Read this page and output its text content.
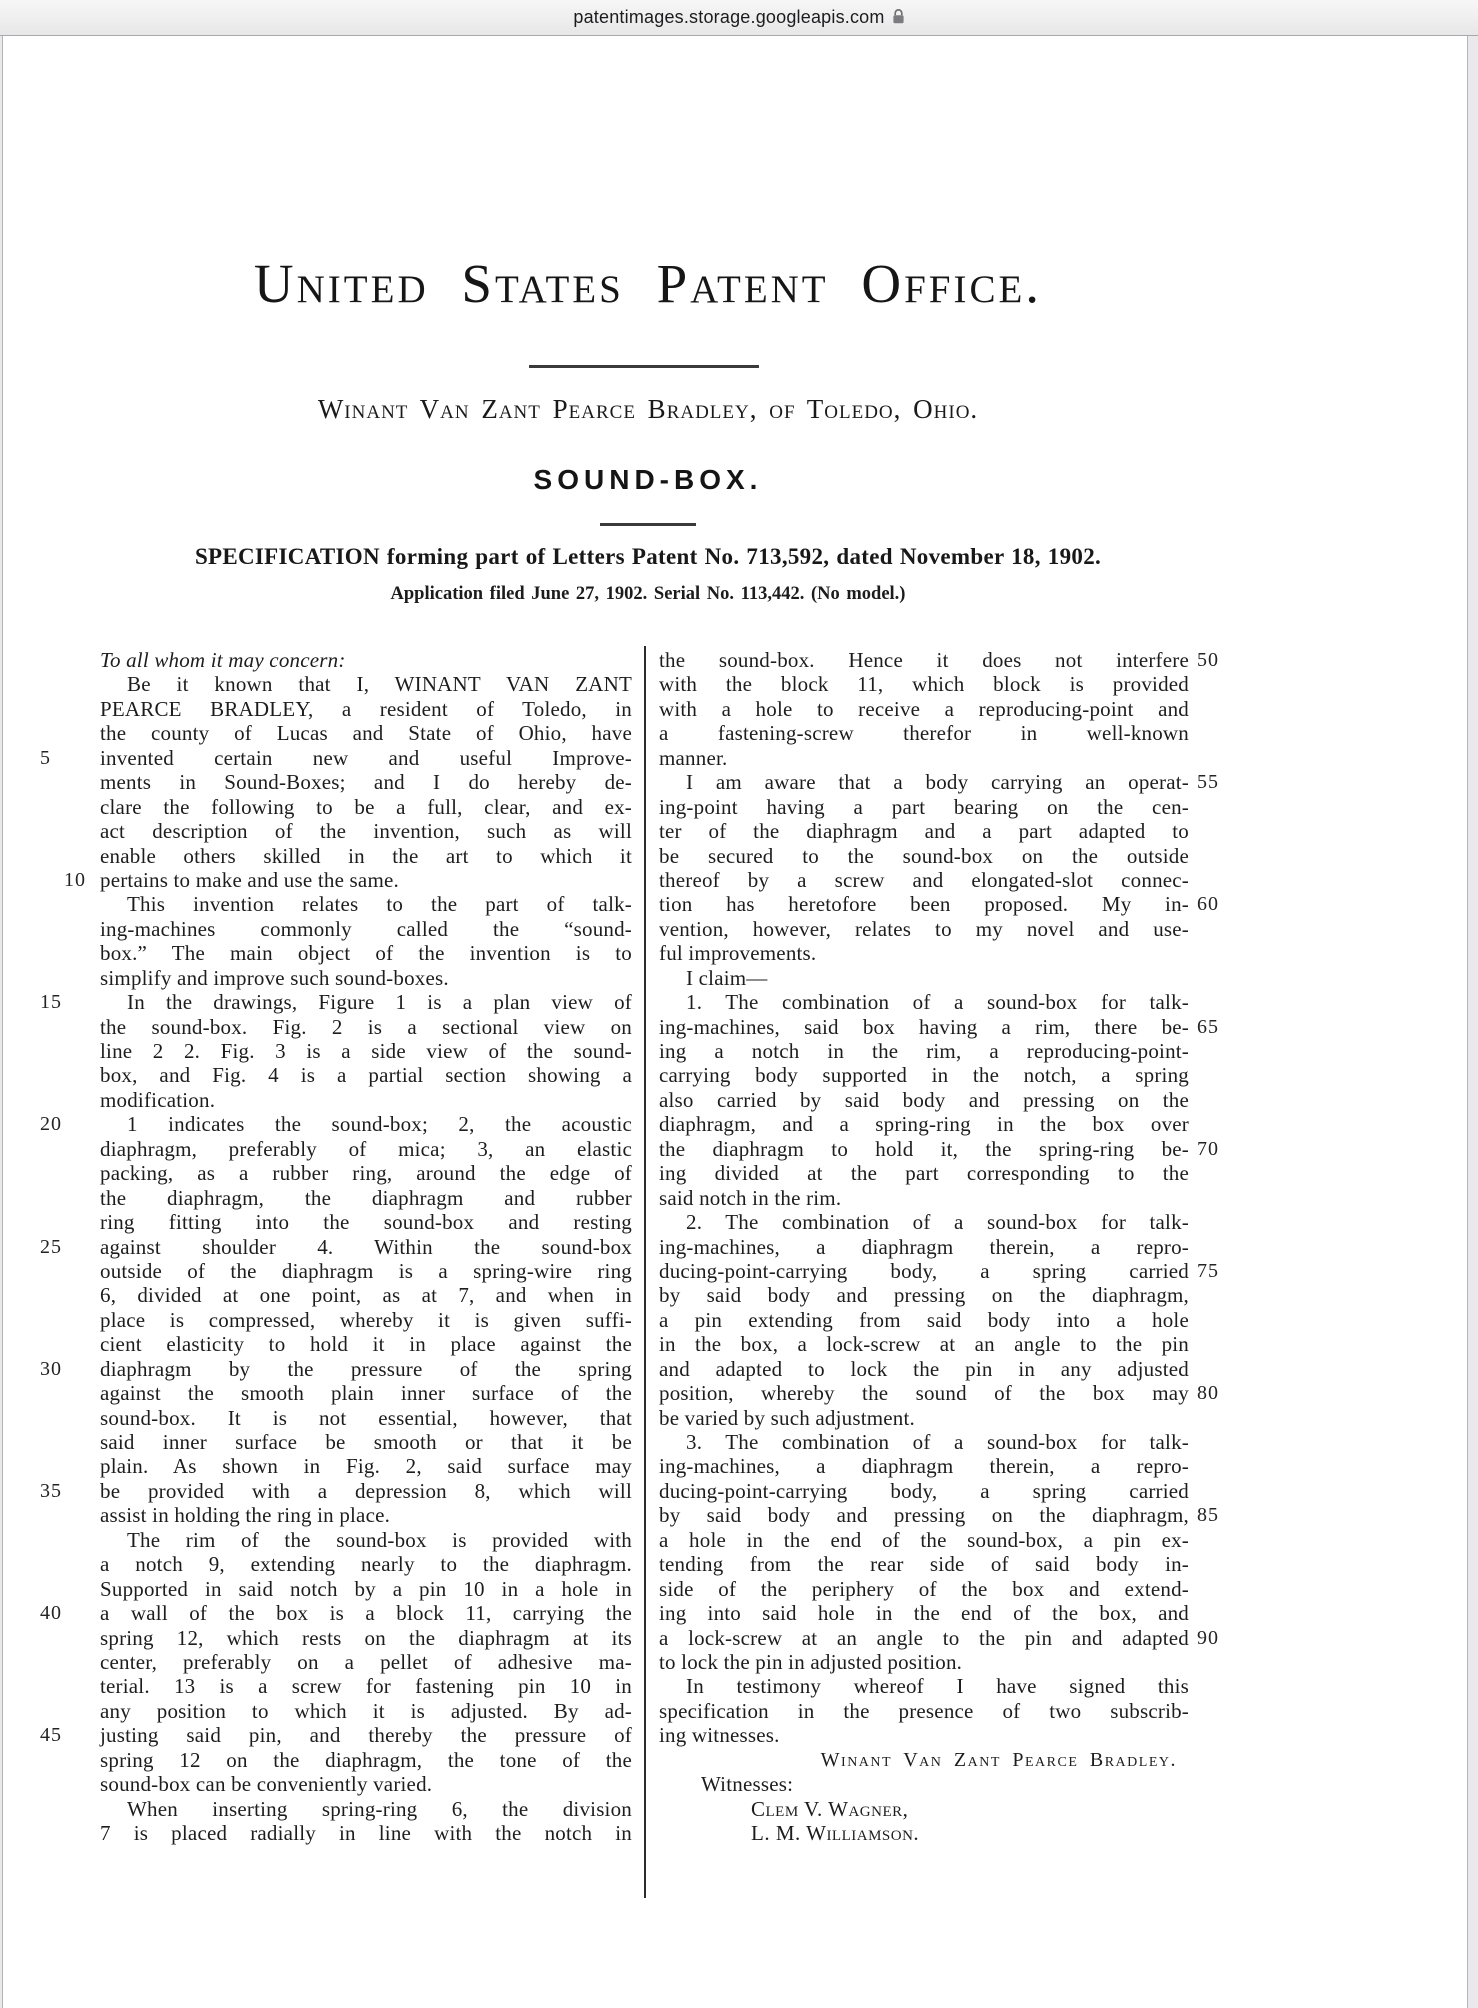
patentimages.storage.googleapis.com
United States Patent Office.
Winant Van Zant Pearce Bradley, of Toledo, Ohio.
SOUND-BOX.
SPECIFICATION forming part of Letters Patent No. 713,592, dated November 18, 1902.
Application filed June 27, 1902. Serial No. 113,442. (No model.)
To all whom it may concern:
Be it known that I, WINANT VAN ZANT
PEARCE BRADLEY, a resident of Toledo, in
the county of Lucas and State of Ohio, have
5	invented certain new and useful Improve-
ments in Sound-Boxes; and I do hereby de-
clare the following to be a full, clear, and ex-
act description of the invention, such as will
enable others skilled in the art to which it
10 pertains to make and use the same.
This invention relates to the part of talk-
ing-machines commonly called the “sound-
box.” The main object of the invention is to
simplify and improve such sound-boxes.
15	In the drawings, Figure 1 is a plan view of
the sound-box. Fig. 2 is a sectional view on
line 2 2. Fig. 3 is a side view of the sound-
box, and Fig. 4 is a partial section showing a
modification.
20	1 indicates the sound-box; 2, the acoustic
diaphragm, preferably of mica; 3, an elastic
packing, as a rubber ring, around the edge of
the diaphragm, the diaphragm and rubber
ring fitting into the sound-box and resting
25	against shoulder 4. Within the sound-box
outside of the diaphragm is a spring-wire ring
6, divided at one point, as at 7, and when in
place is compressed, whereby it is given suffi-
cient elasticity to hold it in place against the
30	diaphragm by the pressure of the spring
against the smooth plain inner surface of the
sound-box. It is not essential, however, that
said inner surface be smooth or that it be
plain. As shown in Fig. 2, said surface may
35	be provided with a depression 8, which will
assist in holding the ring in place.
The rim of the sound-box is provided with
a notch 9, extending nearly to the diaphragm.
Supported in said notch by a pin 10 in a hole in
40	a wall of the box is a block 11, carrying the
spring 12, which rests on the diaphragm at its
center, preferably on a pellet of adhesive ma-
terial. 13 is a screw for fastening pin 10 in
any position to which it is adjusted. By ad-
45	justing said pin, and thereby the pressure of
spring 12 on the diaphragm, the tone of the
sound-box can be conveniently varied.
When inserting spring-ring 6, the division
7 is placed radially in line with the notch in
50
the sound-box. Hence it does not interfere
with the block 11, which block is provided
with a hole to receive a reproducing-point and
a fastening-screw therefor in well-known
manner.
55
I am aware that a body carrying an operat-
ing-point having a part bearing on the cen-
ter of the diaphragm and a part adapted to
be secured to the sound-box on the outside
thereof by a screw and elongated-slot connec-
60
tion has heretofore been proposed. My in-
vention, however, relates to my novel and use-
ful improvements.
I claim—
1. The combination of a sound-box for talk-
65
ing-machines, said box having a rim, there be-
ing a notch in the rim, a reproducing-point-
carrying body supported in the notch, a spring
also carried by said body and pressing on the
diaphragm, and a spring-ring in the box over
70
the diaphragm to hold it, the spring-ring be-
ing divided at the part corresponding to the
said notch in the rim.
2. The combination of a sound-box for talk-
ing-machines, a diaphragm therein, a repro-
75
ducing-point-carrying body, a spring carried
by said body and pressing on the diaphragm,
a pin extending from said body into a hole
in the box, a lock-screw at an angle to the pin
and adapted to lock the pin in any adjusted
80
position, whereby the sound of the box may
be varied by such adjustment.
3. The combination of a sound-box for talk-
ing-machines, a diaphragm therein, a repro-
ducing-point-carrying body, a spring carried
85
by said body and pressing on the diaphragm,
a hole in the end of the sound-box, a pin ex-
tending from the rear side of said body in-
side of the periphery of the box and extend-
ing into said hole in the end of the box, and
90
a lock-screw at an angle to the pin and adapted
to lock the pin in adjusted position.
In testimony whereof I have signed this
specification in the presence of two subscrib-
ing witnesses.
Winant Van Zant Pearce Bradley.
Witnesses:
Clem V. Wagner,
L. M. Williamson.
